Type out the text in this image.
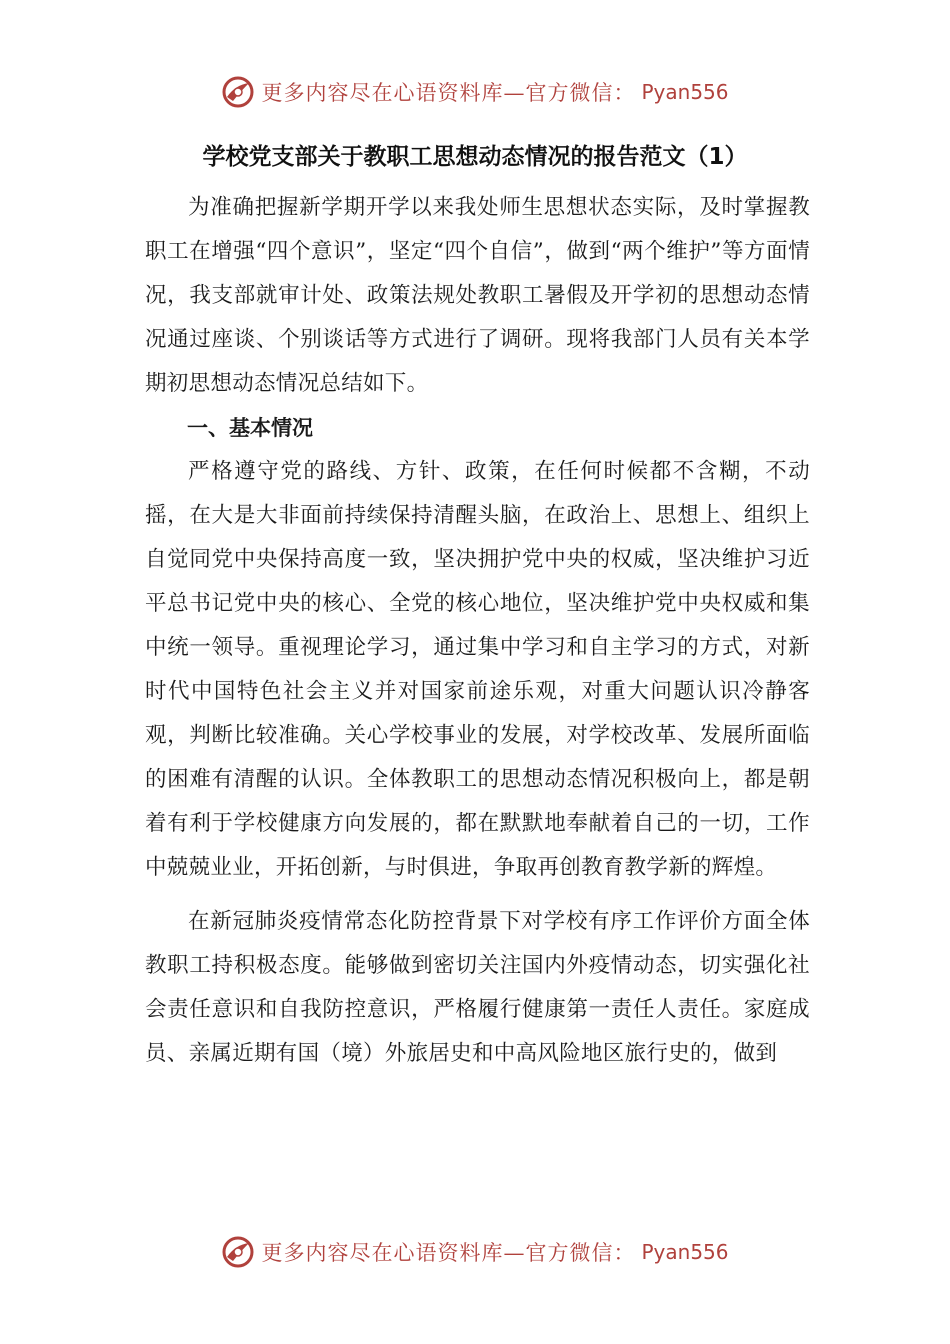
更多内容尽在心语资料库—官方微信： Pyan556
学校党支部关于教职工思想动态情况的报告范文（1）

为准确把握新学期开学以来我处师生思想状态实际，及时掌握教职工在增强“四个意识”，坚定“四个自信”，做到“两个维护”等方面情况，我支部就审计处、政策法规处教职工暑假及开学初的思想动态情况通过座谈、个别谈话等方式进行了调研。现将我部门人员有关本学期初思想动态情况总结如下。

一、基本情况

严格遵守党的路线、方针、政策，在任何时候都不含糊，不动摇，在大是大非面前持续保持清醒头脑，在政治上、思想上、组织上自觉同党中央保持高度一致，坚决拥护党中央的权威，坚决维护习近平总书记党中央的核心、全党的核心地位，坚决维护党中央权威和集中统一领导。重视理论学习，通过集中学习和自主学习的方式，对新时代中国特色社会主义并对国家前途乐观，对重大问题认识冷静客观，判断比较准确。关心学校事业的发展，对学校改革、发展所面临的困难有清醒的认识。全体教职工的思想动态情况积极向上，都是朝着有利于学校健康方向发展的，都在默默地奉献着自己的一切，工作中兢兢业业，开拓创新，与时俱进，争取再创教育教学新的辉煌。

在新冠肺炎疫情常态化防控背景下对学校有序工作评价方面全体教职工持积极态度。能够做到密切关注国内外疫情动态，切实强化社会责任意识和自我防控意识，严格履行健康第一责任人责任。家庭成员、亲属近期有国（境）外旅居史和中高风险地区旅行史的，做到

更多内容尽在心语资料库—官方微信： Pyan556
